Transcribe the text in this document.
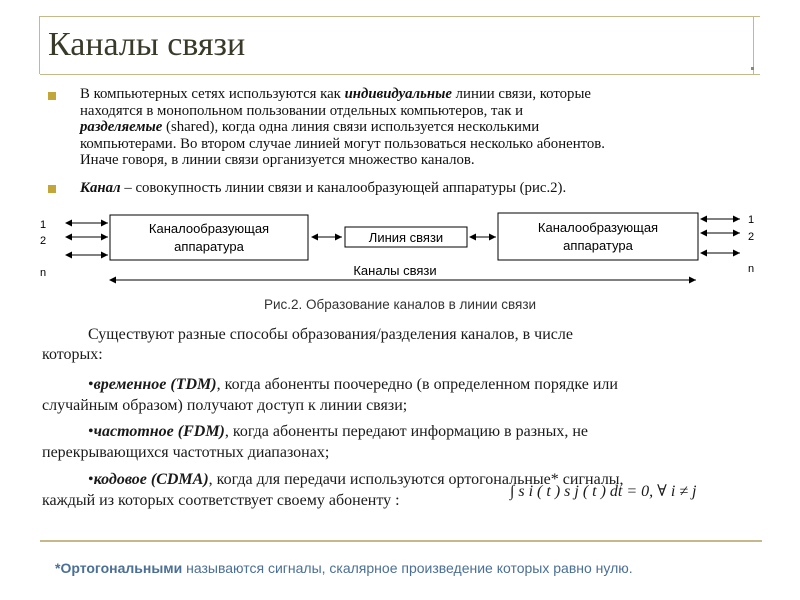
Каналы связи
В компьютерных сетях используются как индивидуальные линии связи, которые
находятся в монопольном пользовании отдельных компьютеров, так и
разделяемые (shared), когда одна линия связи используется несколькими
компьютерами. Во втором случае линией могут пользоваться несколько абонентов.
Иначе говоря, в линии связи организуется множество каналов.
Канал – совокупность линии связи и каналообразующей аппаратуры (рис.2).
1
2
n
Каналообразующая
аппаратура
Линия связи
Каналообразующая
аппаратура
1
2
n
Каналы связи
Рис.2. Образование каналов в линии связи
Существуют разные способы образования/разделения каналов, в числе
которых:
•временное (TDM), когда абоненты поочередно (в определенном порядке или
случайным образом) получают доступ к линии связи;
•частотное (FDM), когда абоненты передают информацию в разных, не
перекрывающихся частотных диапазонах;
•кодовое (CDMA), когда для передачи используются ортогональные* сигналы,
каждый из которых соответствует своему абоненту :
∫ s i ( t ) s j ( t ) dt = 0, ∀ i ≠ j
*Ортогональными называются сигналы, скалярное произведение которых равно нулю.
